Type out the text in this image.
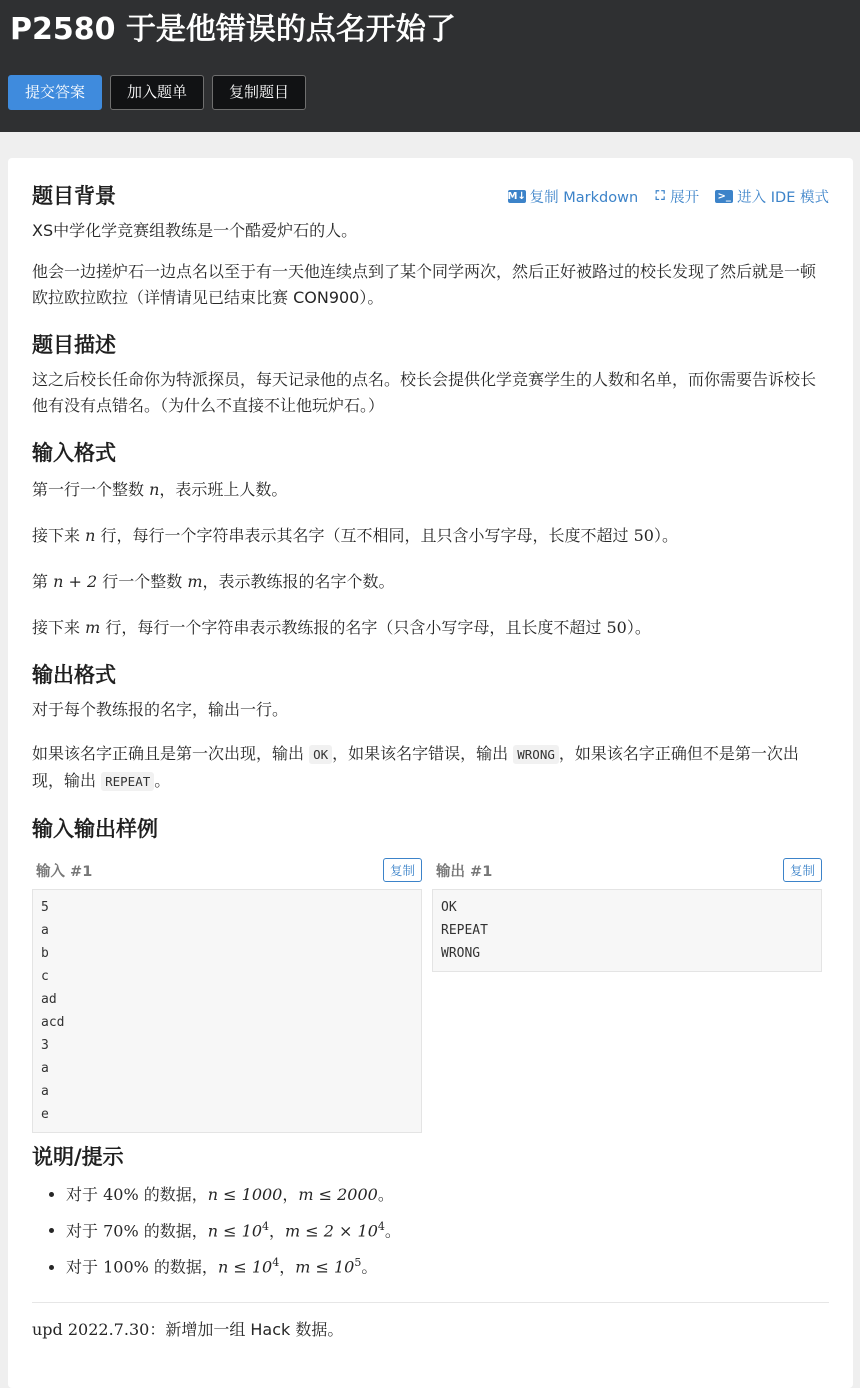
P2580 于是他错误的点名开始了
提交答案	加入题单	复制题目
题目背景	M↓ 复制 Markdown ⛶ 展开 >_ 进入 IDE 模式

XS中学化学竞赛组教练是一个酷爱炉石的人。

他会一边搓炉石一边点名以至于有一天他连续点到了某个同学两次，然后正好被路过的校长发现了然后就是一顿欧拉欧拉欧拉（详情请见已结束比赛 CON900）。

题目描述

这之后校长任命你为特派探员，每天记录他的点名。校长会提供化学竞赛学生的人数和名单，而你需要告诉校长他有没有点错名。（为什么不直接不让他玩炉石。）

输入格式

第一行一个整数 n，表示班上人数。

接下来 n 行，每行一个字符串表示其名字（互不相同，且只含小写字母，长度不超过 50）。

第 n + 2 行一个整数 m，表示教练报的名字个数。

接下来 m 行，每行一个字符串表示教练报的名字（只含小写字母，且长度不超过 50）。

输出格式

对于每个教练报的名字，输出一行。

如果该名字正确且是第一次出现，输出 OK ，如果该名字错误，输出 WRONG ，如果该名字正确但不是第一次出现，输出 REPEAT 。

输入输出样例
输入 #1	复制
5
a
b
c
ad
acd
3
a
a
e
输出 #1	复制
OK
REPEAT
WRONG
说明/提示
• 对于 40% 的数据，n ≤ 1000，m ≤ 2000。
• 对于 70% 的数据，$n \le 10^4$，$m \le 2 \times 10^4$。
• 对于 100% 的数据，$n \le 10^4$，$m \le 10^5$。

upd 2022.7.30：新增加一组 Hack 数据。
